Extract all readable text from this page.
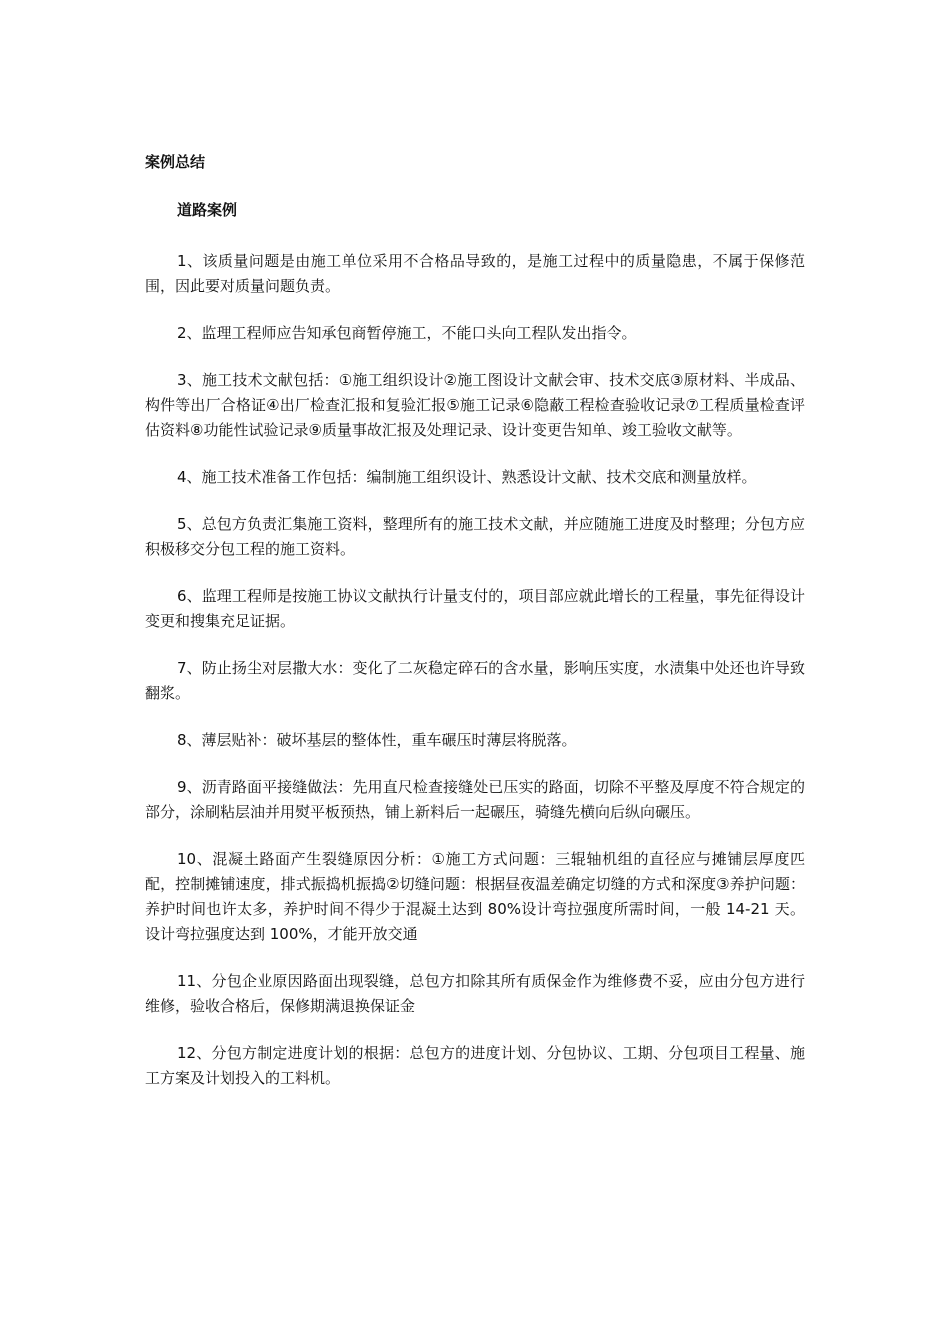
案例总结
道路案例

1、该质量问题是由施工单位采用不合格品导致的，是施工过程中的质量隐患，不属于保修范围，因此要对质量问题负责。

2、监理工程师应告知承包商暂停施工，不能口头向工程队发出指令。

3、施工技术文献包括：①施工组织设计②施工图设计文献会审、技术交底③原材料、半成品、构件等出厂合格证④出厂检查汇报和复验汇报⑤施工记录⑥隐蔽工程检查验收记录⑦工程质量检查评估资料⑧功能性试验记录⑨质量事故汇报及处理记录、设计变更告知单、竣工验收文献等。

4、施工技术准备工作包括：编制施工组织设计、熟悉设计文献、技术交底和测量放样。

5、总包方负责汇集施工资料，整理所有的施工技术文献，并应随施工进度及时整理；分包方应积极移交分包工程的施工资料。

6、监理工程师是按施工协议文献执行计量支付的，项目部应就此增长的工程量，事先征得设计变更和搜集充足证据。

7、防止扬尘对层撒大水：变化了二灰稳定碎石的含水量，影响压实度，水渍集中处还也许导致翻浆。

8、薄层贴补：破坏基层的整体性，重车碾压时薄层将脱落。

9、沥青路面平接缝做法：先用直尺检查接缝处已压实的路面，切除不平整及厚度不符合规定的部分，涂刷粘层油并用熨平板预热，铺上新料后一起碾压，骑缝先横向后纵向碾压。

10、混凝土路面产生裂缝原因分析：①施工方式问题：三辊轴机组的直径应与摊铺层厚度匹配，控制摊铺速度，排式振捣机振捣②切缝问题：根据昼夜温差确定切缝的方式和深度③养护问题：养护时间也许太多，养护时间不得少于混凝土达到 80%设计弯拉强度所需时间，一般 14-21 天。设计弯拉强度达到 100%，才能开放交通

11、分包企业原因路面出现裂缝，总包方扣除其所有质保金作为维修费不妥，应由分包方进行维修，验收合格后，保修期满退换保证金

12、分包方制定进度计划的根据：总包方的进度计划、分包协议、工期、分包项目工程量、施工方案及计划投入的工料机。
